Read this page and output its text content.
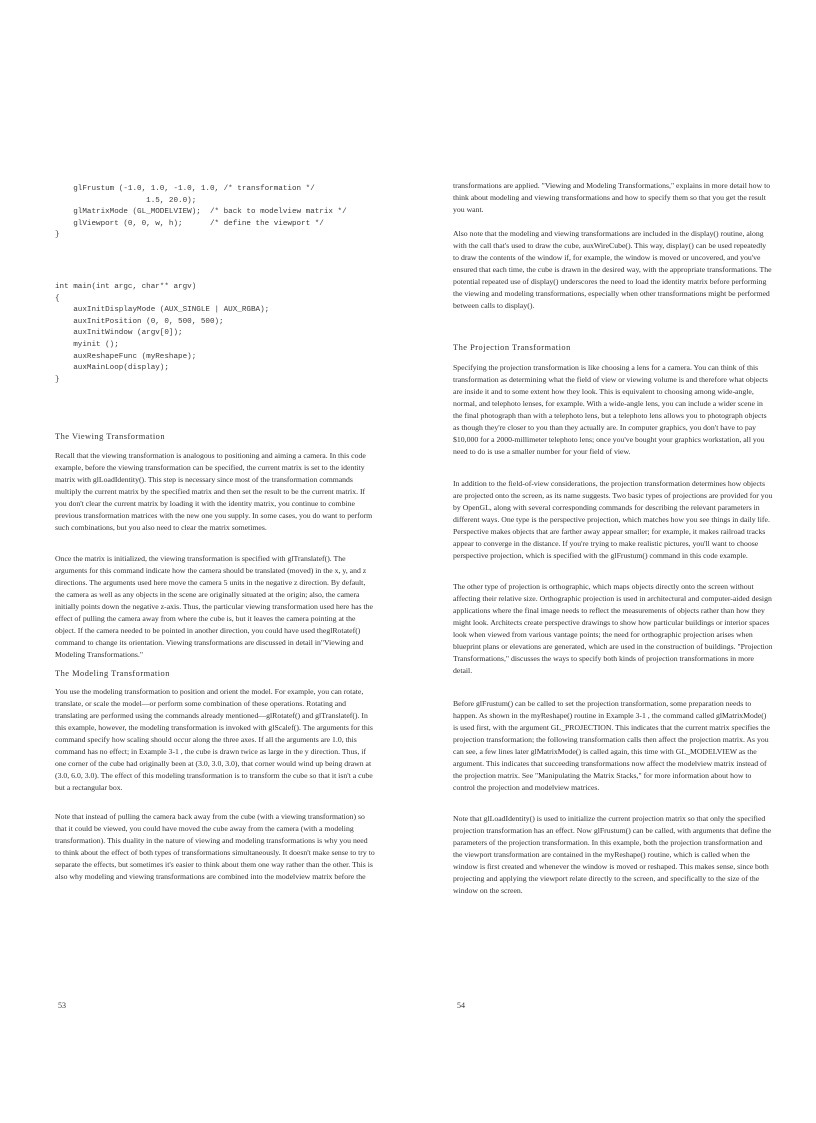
glFrustum (-1.0, 1.0, -1.0, 1.0, /* transformation */
1.5, 20.0);
glMatrixMode (GL_MODELVIEW);  /* back to modelview matrix */
glViewport (0, 0, w, h);      /* define the viewport */
}
int main(int argc, char** argv)
{
auxInitDisplayMode (AUX_SINGLE | AUX_RGBA);
auxInitPosition (0, 0, 500, 500);
auxInitWindow (argv[0]);
myinit ();
auxReshapeFunc (myReshape);
auxMainLoop(display);
}

The Viewing Transformation

Recall that the viewing transformation is analogous to positioning and aiming a camera. In this code example, before the viewing transformation can be specified, the current matrix is set to the identity matrix with glLoadIdentity(). This step is necessary since most of the transformation commands multiply the current matrix by the specified matrix and then set the result to be the current matrix. If you don't clear the current matrix by loading it with the identity matrix, you continue to combine previous transformation matrices with the new one you supply. In some cases, you do want to perform such combinations, but you also need to clear the matrix sometimes.

Once the matrix is initialized, the viewing transformation is specified with glTranslatef(). The arguments for this command indicate how the camera should be translated (moved) in the x, y, and z directions. The arguments used here move the camera 5 units in the negative z direction. By default, the camera as well as any objects in the scene are originally situated at the origin; also, the camera initially points down the negative z-axis. Thus, the particular viewing transformation used here has the effect of pulling the camera away from where the cube is, but it leaves the camera pointing at the object. If the camera needed to be pointed in another direction, you could have used theglRotatef() command to change its orientation. Viewing transformations are discussed in detail in"Viewing and Modeling Transformations."

The Modeling Transformation

You use the modeling transformation to position and orient the model. For example, you can rotate, translate, or scale the model—or perform some combination of these operations. Rotating and translating are performed using the commands already mentioned—glRotatef() and glTranslatef(). In this example, however, the modeling transformation is invoked with glScalef(). The arguments for this command specify how scaling should occur along the three axes. If all the arguments are 1.0, this command has no effect; in Example 3-1 , the cube is drawn twice as large in the y direction. Thus, if one corner of the cube had originally been at (3.0, 3.0, 3.0), that corner would wind up being drawn at (3.0, 6.0, 3.0). The effect of this modeling transformation is to transform the cube so that it isn't a cube but a rectangular box.

Note that instead of pulling the camera back away from the cube (with a viewing transformation) so that it could be viewed, you could have moved the cube away from the camera (with a modeling transformation). This duality in the nature of viewing and modeling transformations is why you need to think about the effect of both types of transformations simultaneously. It doesn't make sense to try to separate the effects, but sometimes it's easier to think about them one way rather than the other. This is also why modeling and viewing transformations are combined into the modelview matrix before the

53

transformations are applied. "Viewing and Modeling Transformations," explains in more detail how to think about modeling and viewing transformations and how to specify them so that you get the result you want.

Also note that the modeling and viewing transformations are included in the display() routine, along with the call that's used to draw the cube, auxWireCube(). This way, display() can be used repeatedly to draw the contents of the window if, for example, the window is moved or uncovered, and you've ensured that each time, the cube is drawn in the desired way, with the appropriate transformations. The potential repeated use of display() underscores the need to load the identity matrix before performing the viewing and modeling transformations, especially when other transformations might be performed between calls to display().

The Projection Transformation

Specifying the projection transformation is like choosing a lens for a camera. You can think of this transformation as determining what the field of view or viewing volume is and therefore what objects are inside it and to some extent how they look. This is equivalent to choosing among wide-angle, normal, and telephoto lenses, for example. With a wide-angle lens, you can include a wider scene in the final photograph than with a telephoto lens, but a telephoto lens allows you to photograph objects as though they're closer to you than they actually are. In computer graphics, you don't have to pay $10,000 for a 2000-millimeter telephoto lens; once you've bought your graphics workstation, all you need to do is use a smaller number for your field of view.

In addition to the field-of-view considerations, the projection transformation determines how objects are projected onto the screen, as its name suggests. Two basic types of projections are provided for you by OpenGL, along with several corresponding commands for describing the relevant parameters in different ways. One type is the perspective projection, which matches how you see things in daily life. Perspective makes objects that are farther away appear smaller; for example, it makes railroad tracks appear to converge in the distance. If you're trying to make realistic pictures, you'll want to choose perspective projection, which is specified with the glFrustum() command in this code example.

The other type of projection is orthographic, which maps objects directly onto the screen without affecting their relative size. Orthographic projection is used in architectural and computer-aided design applications where the final image needs to reflect the measurements of objects rather than how they might look. Architects create perspective drawings to show how particular buildings or interior spaces look when viewed from various vantage points; the need for orthographic projection arises when blueprint plans or elevations are generated, which are used in the construction of buildings. "Projection Transformations," discusses the ways to specify both kinds of projection transformations in more detail.

Before glFrustum() can be called to set the projection transformation, some preparation needs to happen. As shown in the myReshape() routine in Example 3-1 , the command called glMatrixMode() is used first, with the argument GL_PROJECTION. This indicates that the current matrix specifies the projection transformation; the following transformation calls then affect the projection matrix. As you can see, a few lines later glMatrixMode() is called again, this time with GL_MODELVIEW as the argument. This indicates that succeeding transformations now affect the modelview matrix instead of the projection matrix. See "Manipulating the Matrix Stacks," for more information about how to control the projection and modelview matrices.

Note that glLoadIdentity() is used to initialize the current projection matrix so that only the specified projection transformation has an effect. Now glFrustum() can be called, with arguments that define the parameters of the projection transformation. In this example, both the projection transformation and the viewport transformation are contained in the myReshape() routine, which is called when the window is first created and whenever the window is moved or reshaped. This makes sense, since both projecting and applying the viewport relate directly to the screen, and specifically to the size of the window on the screen.

54
